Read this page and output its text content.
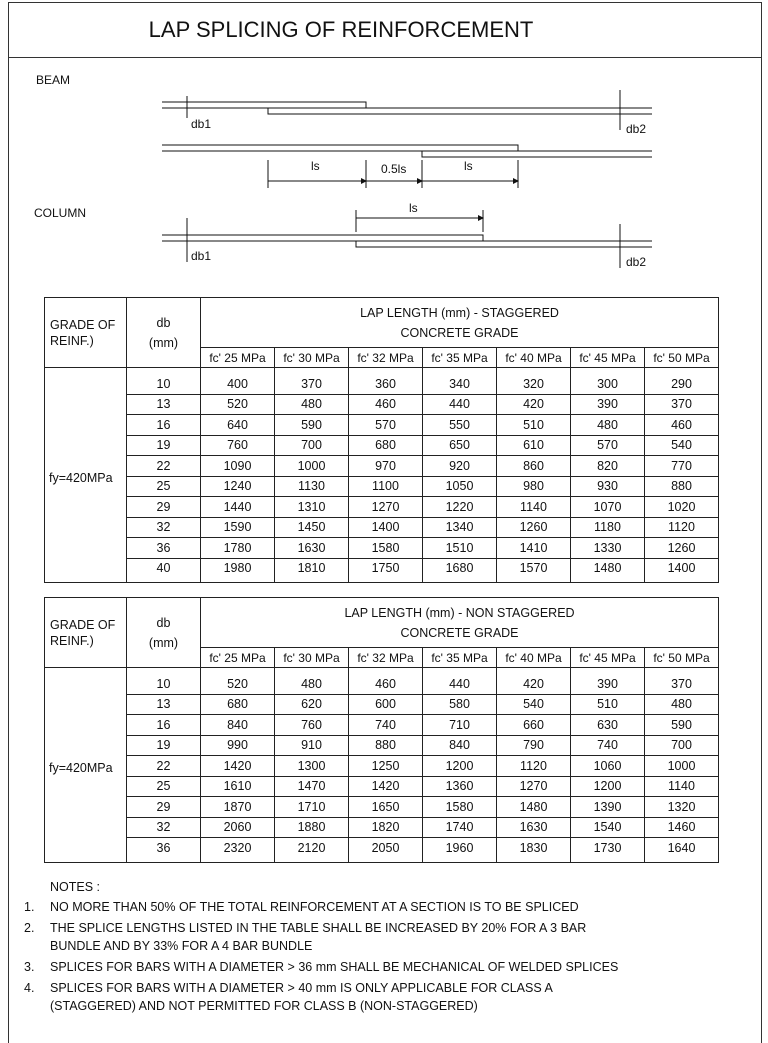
LAP SPLICING OF REINFORCEMENT
BEAM
db1	db2
ls	0.5ls	ls
COLUMN	ls
db1	db2
GRADE OF REINF.)	db (mm)	LAP LENGTH (mm) - STAGGERED
CONCRETE GRADE						

		fc' 25 MPa	fc' 30 MPa	fc' 32 MPa	fc' 35 MPa	fc' 40 MPa	fc' 45 MPa	fc' 50 MPa
fy=420MPa	10	400	370	360	340	320	300	290
	13	520	480	460	440	420	390	370
	16	640	590	570	550	510	480	460
	19	760	700	680	650	610	570	540
	22	1090	1000	970	920	860	820	770
	25	1240	1130	1100	1050	980	930	880
	29	1440	1310	1270	1220	1140	1070	1020
	32	1590	1450	1400	1340	1260	1180	1120
	36	1780	1630	1580	1510	1410	1330	1260
	40	1980	1810	1750	1680	1570	1480	1400
GRADE OF REINF.)	db (mm)	LAP LENGTH (mm) - NON STAGGERED
CONCRETE GRADE						

		fc' 25 MPa	fc' 30 MPa	fc' 32 MPa	fc' 35 MPa	fc' 40 MPa	fc' 45 MPa	fc' 50 MPa
fy=420MPa	10	520	480	460	440	420	390	370
	13	680	620	600	580	540	510	480
	16	840	760	740	710	660	630	590
	19	990	910	880	840	790	740	700
	22	1420	1300	1250	1200	1120	1060	1000
	25	1610	1470	1420	1360	1270	1200	1140
	29	1870	1710	1650	1580	1480	1390	1320
	32	2060	1880	1820	1740	1630	1540	1460
	36	2320	2120	2050	1960	1830	1730	1640
NOTES :
1.	NO MORE THAN 50% OF THE TOTAL REINFORCEMENT AT A SECTION IS TO BE SPLICED
2.	THE SPLICE LENGTHS LISTED IN THE TABLE SHALL BE INCREASED BY 20% FOR A 3 BAR BUNDLE AND BY 33% FOR A 4 BAR BUNDLE
3.	SPLICES FOR BARS WITH A DIAMETER > 36 mm SHALL BE MECHANICAL OF WELDED SPLICES
4.	SPLICES FOR BARS WITH A DIAMETER > 40 mm IS ONLY APPLICABLE FOR CLASS A (STAGGERED) AND NOT PERMITTED FOR CLASS B (NON-STAGGERED)
